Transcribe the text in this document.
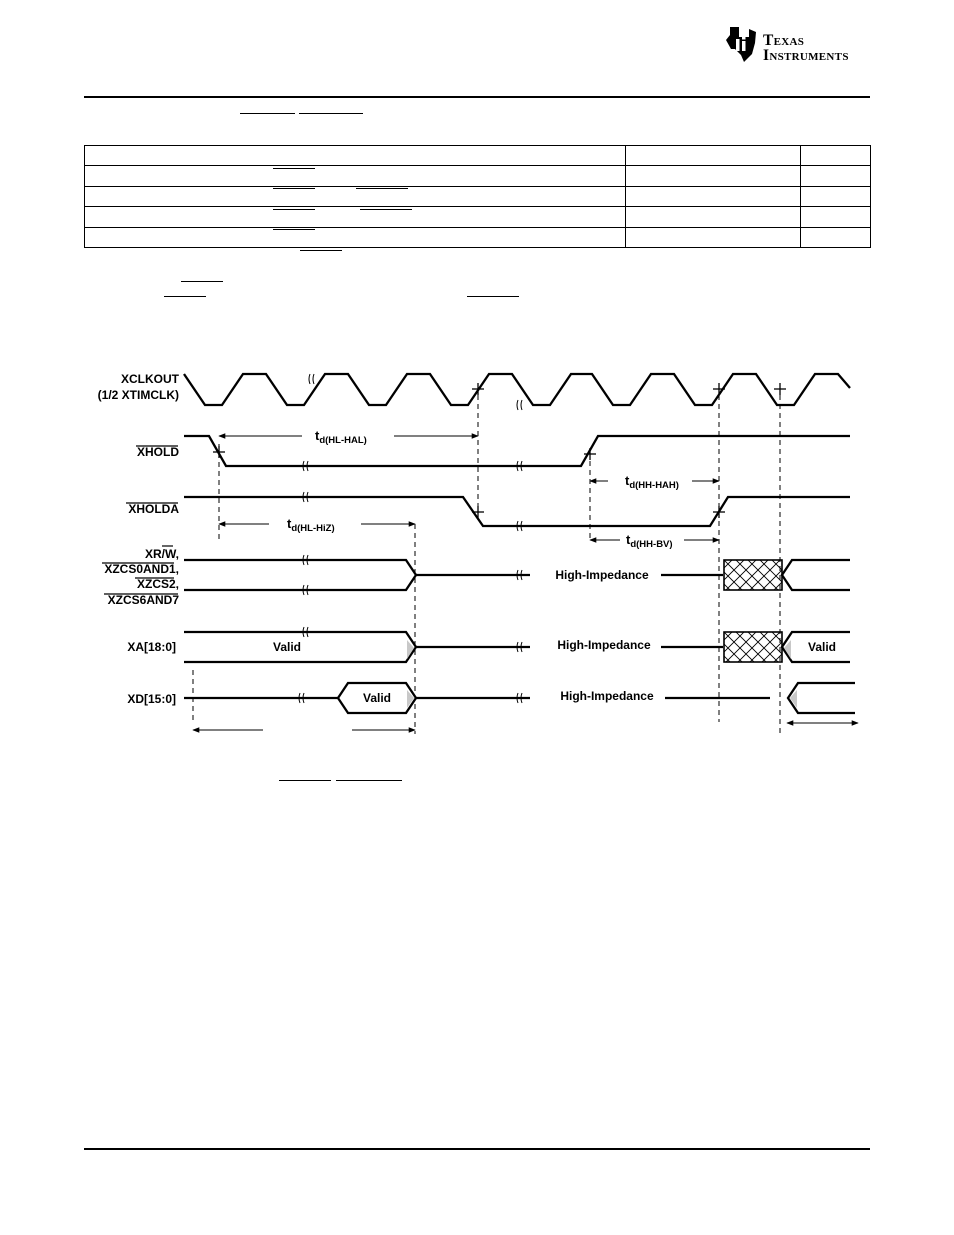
Texas
Instruments

XCLKOUT
(1/2 XTIMCLK)
XHOLD
XHOLDA
XR/W,
XZCS0AND1,
XZCS2,
XZCS6AND7
XA[18:0]
XD[15:0]
High-Impedance
Valid	High-Impedance	Valid
Valid	High-Impedance
$t_{d(HL-HAL)}$
$t_{d(HH-HAH)}$
$t_{d(HL-HiZ)}$
$t_{d(HH-BV)}$
